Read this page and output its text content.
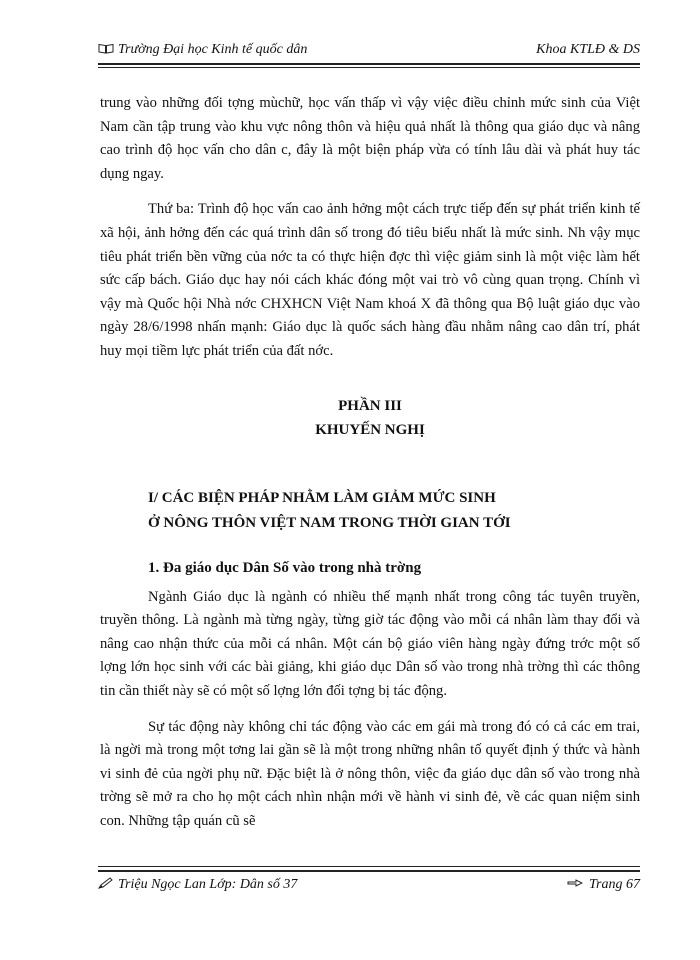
Trường Đại học Kinh tế quốc dân	Khoa KTLĐ & DS

trung vào những đối tợng mùchữ, học vấn thấp vì vậy việc điều chỉnh mức sinh của Việt Nam cần tập trung vào khu vực nông thôn và hiệu quả nhất là thông qua giáo dục và nâng cao trình độ học vấn cho dân c, đây là một biện pháp vừa có tính lâu dài và phát huy tác dụng ngay.

Thứ ba: Trình độ học vấn cao ảnh hởng một cách trực tiếp đến sự phát triển kinh tế xã hội, ảnh hởng đến các quá trình dân số trong đó tiêu biểu nhất là mức sinh. Nh vậy mục tiêu phát triển bền vững của nớc ta có thực hiện đợc thì việc giảm sinh là một việc làm hết sức cấp bách. Giáo dục hay nói cách khác đóng một vai trò vô cùng quan trọng. Chính vì vậy mà Quốc hội Nhà nớc CHXHCN Việt Nam khoá X đã thông qua Bộ luật giáo dục vào ngày 28/6/1998 nhấn mạnh: Giáo dục là quốc sách hàng đầu nhằm nâng cao dân trí, phát huy mọi tiềm lực phát triển của đất nớc.

PHẦN III
KHUYẾN NGHỊ
I/ CÁC BIỆN PHÁP NHẰM LÀM GIẢM MỨC SINH
Ở NÔNG THÔN VIỆT NAM TRONG THỜI GIAN TỚI
1. Đa giáo dục Dân Số vào trong nhà trờng

Ngành Giáo dục là ngành có nhiều thế mạnh nhất trong công tác tuyên truyền, truyền thông. Là ngành mà từng ngày, từng giờ tác động vào mỗi cá nhân làm thay đổi và nâng cao nhận thức của mỗi cá nhân. Một cán bộ giáo viên hàng ngày đứng trớc một số lợng lớn học sinh với các bài giảng, khi giáo dục Dân số vào trong nhà trờng thì các thông tin cần thiết này sẽ có một số lợng lớn đối tợng bị tác động.

Sự tác động này không chỉ tác động vào các em gái mà trong đó có cả các em trai, là ngời mà trong một tơng lai gần sẽ là một trong những nhân tố quyết định ý thức và hành vi sinh đẻ của ngời phụ nữ. Đặc biệt là ở nông thôn, việc đa giáo dục dân số vào trong nhà trờng sẽ mở ra cho họ một cách nhìn nhận mới về hành vi sinh đẻ, về các quan niệm sinh con. Những tập quán cũ sẽ

Triệu Ngọc Lan Lớp: Dân số 37	Trang 67
